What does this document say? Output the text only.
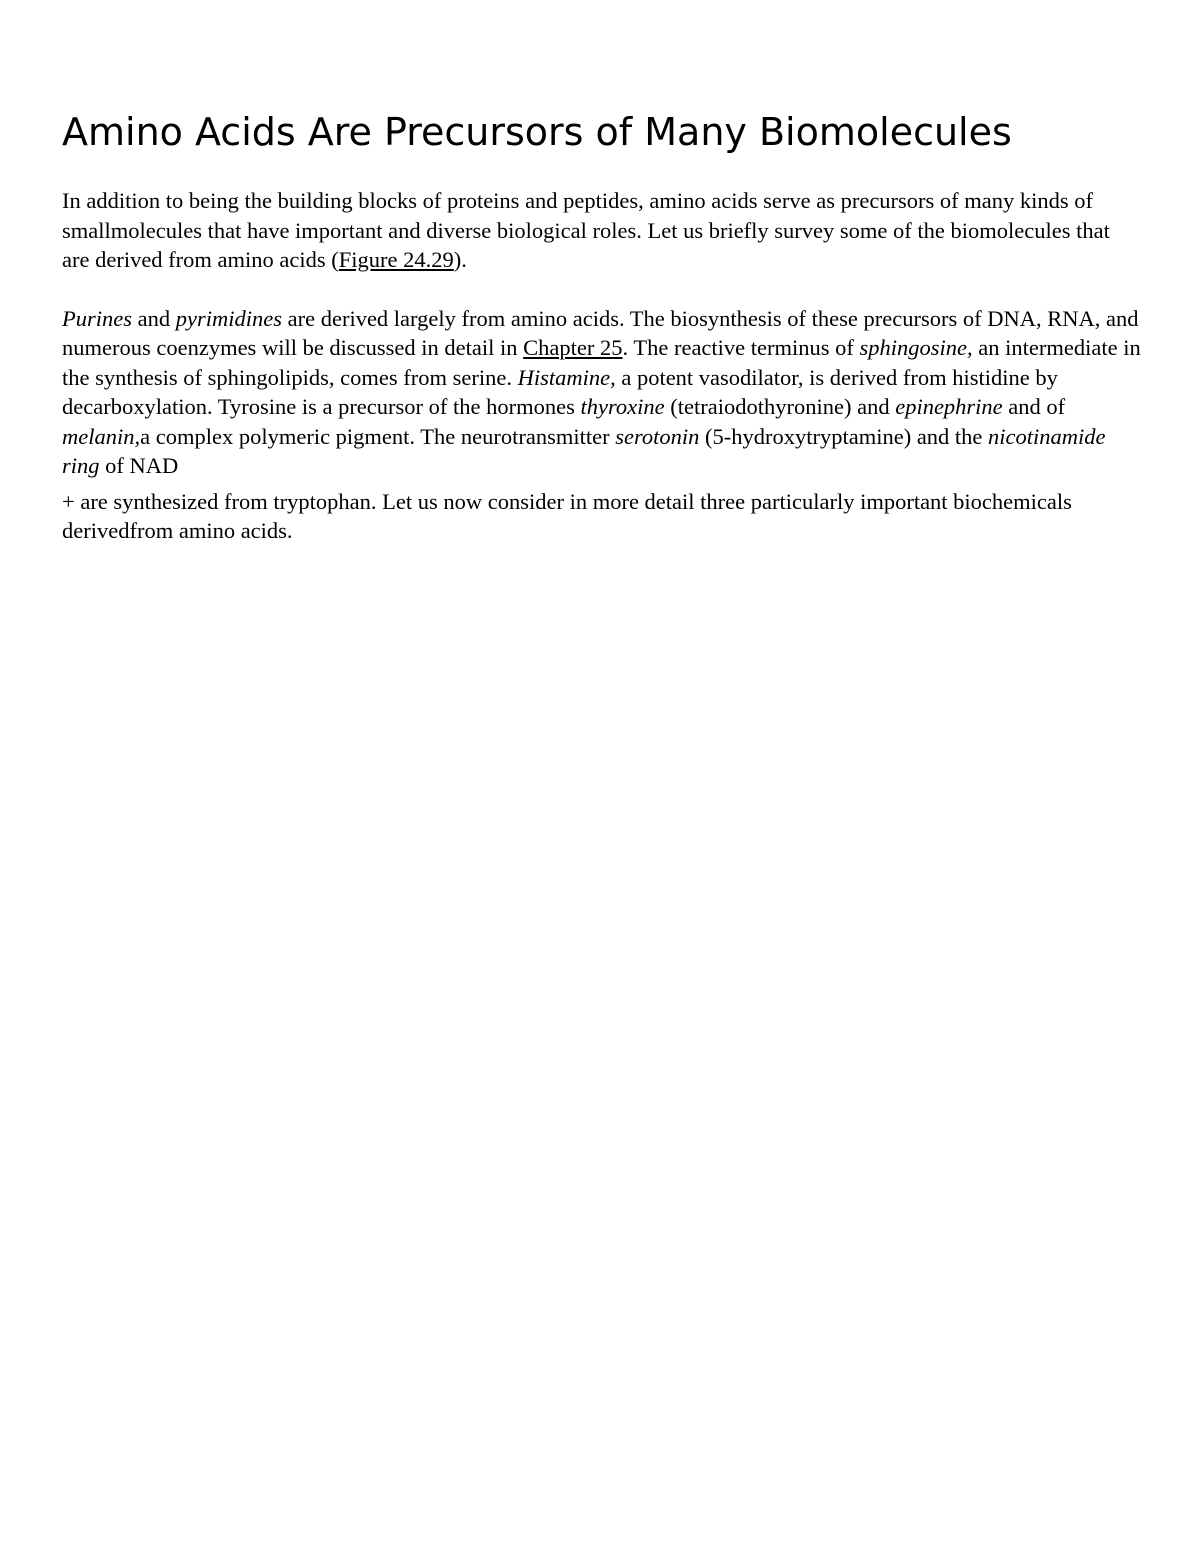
Amino Acids Are Precursors of Many Biomolecules

In addition to being the building blocks of proteins and peptides, amino acids serve as precursors of many kinds of smallmolecules that have important and diverse biological roles. Let us briefly survey some of the biomolecules that are derived from amino acids (Figure 24.29).

Purines and pyrimidines are derived largely from amino acids. The biosynthesis of these precursors of DNA, RNA, and numerous coenzymes will be discussed in detail in Chapter 25. The reactive terminus of sphingosine, an intermediate in the synthesis of sphingolipids, comes from serine. Histamine, a potent vasodilator, is derived from histidine by decarboxylation. Tyrosine is a precursor of the hormones thyroxine (tetraiodothyronine) and epinephrine and of melanin,a complex polymeric pigment. The neurotransmitter serotonin (5-hydroxytryptamine) and the nicotinamide ring of NAD
+ are synthesized from tryptophan. Let us now consider in more detail three particularly important biochemicals derivedfrom amino acids.
